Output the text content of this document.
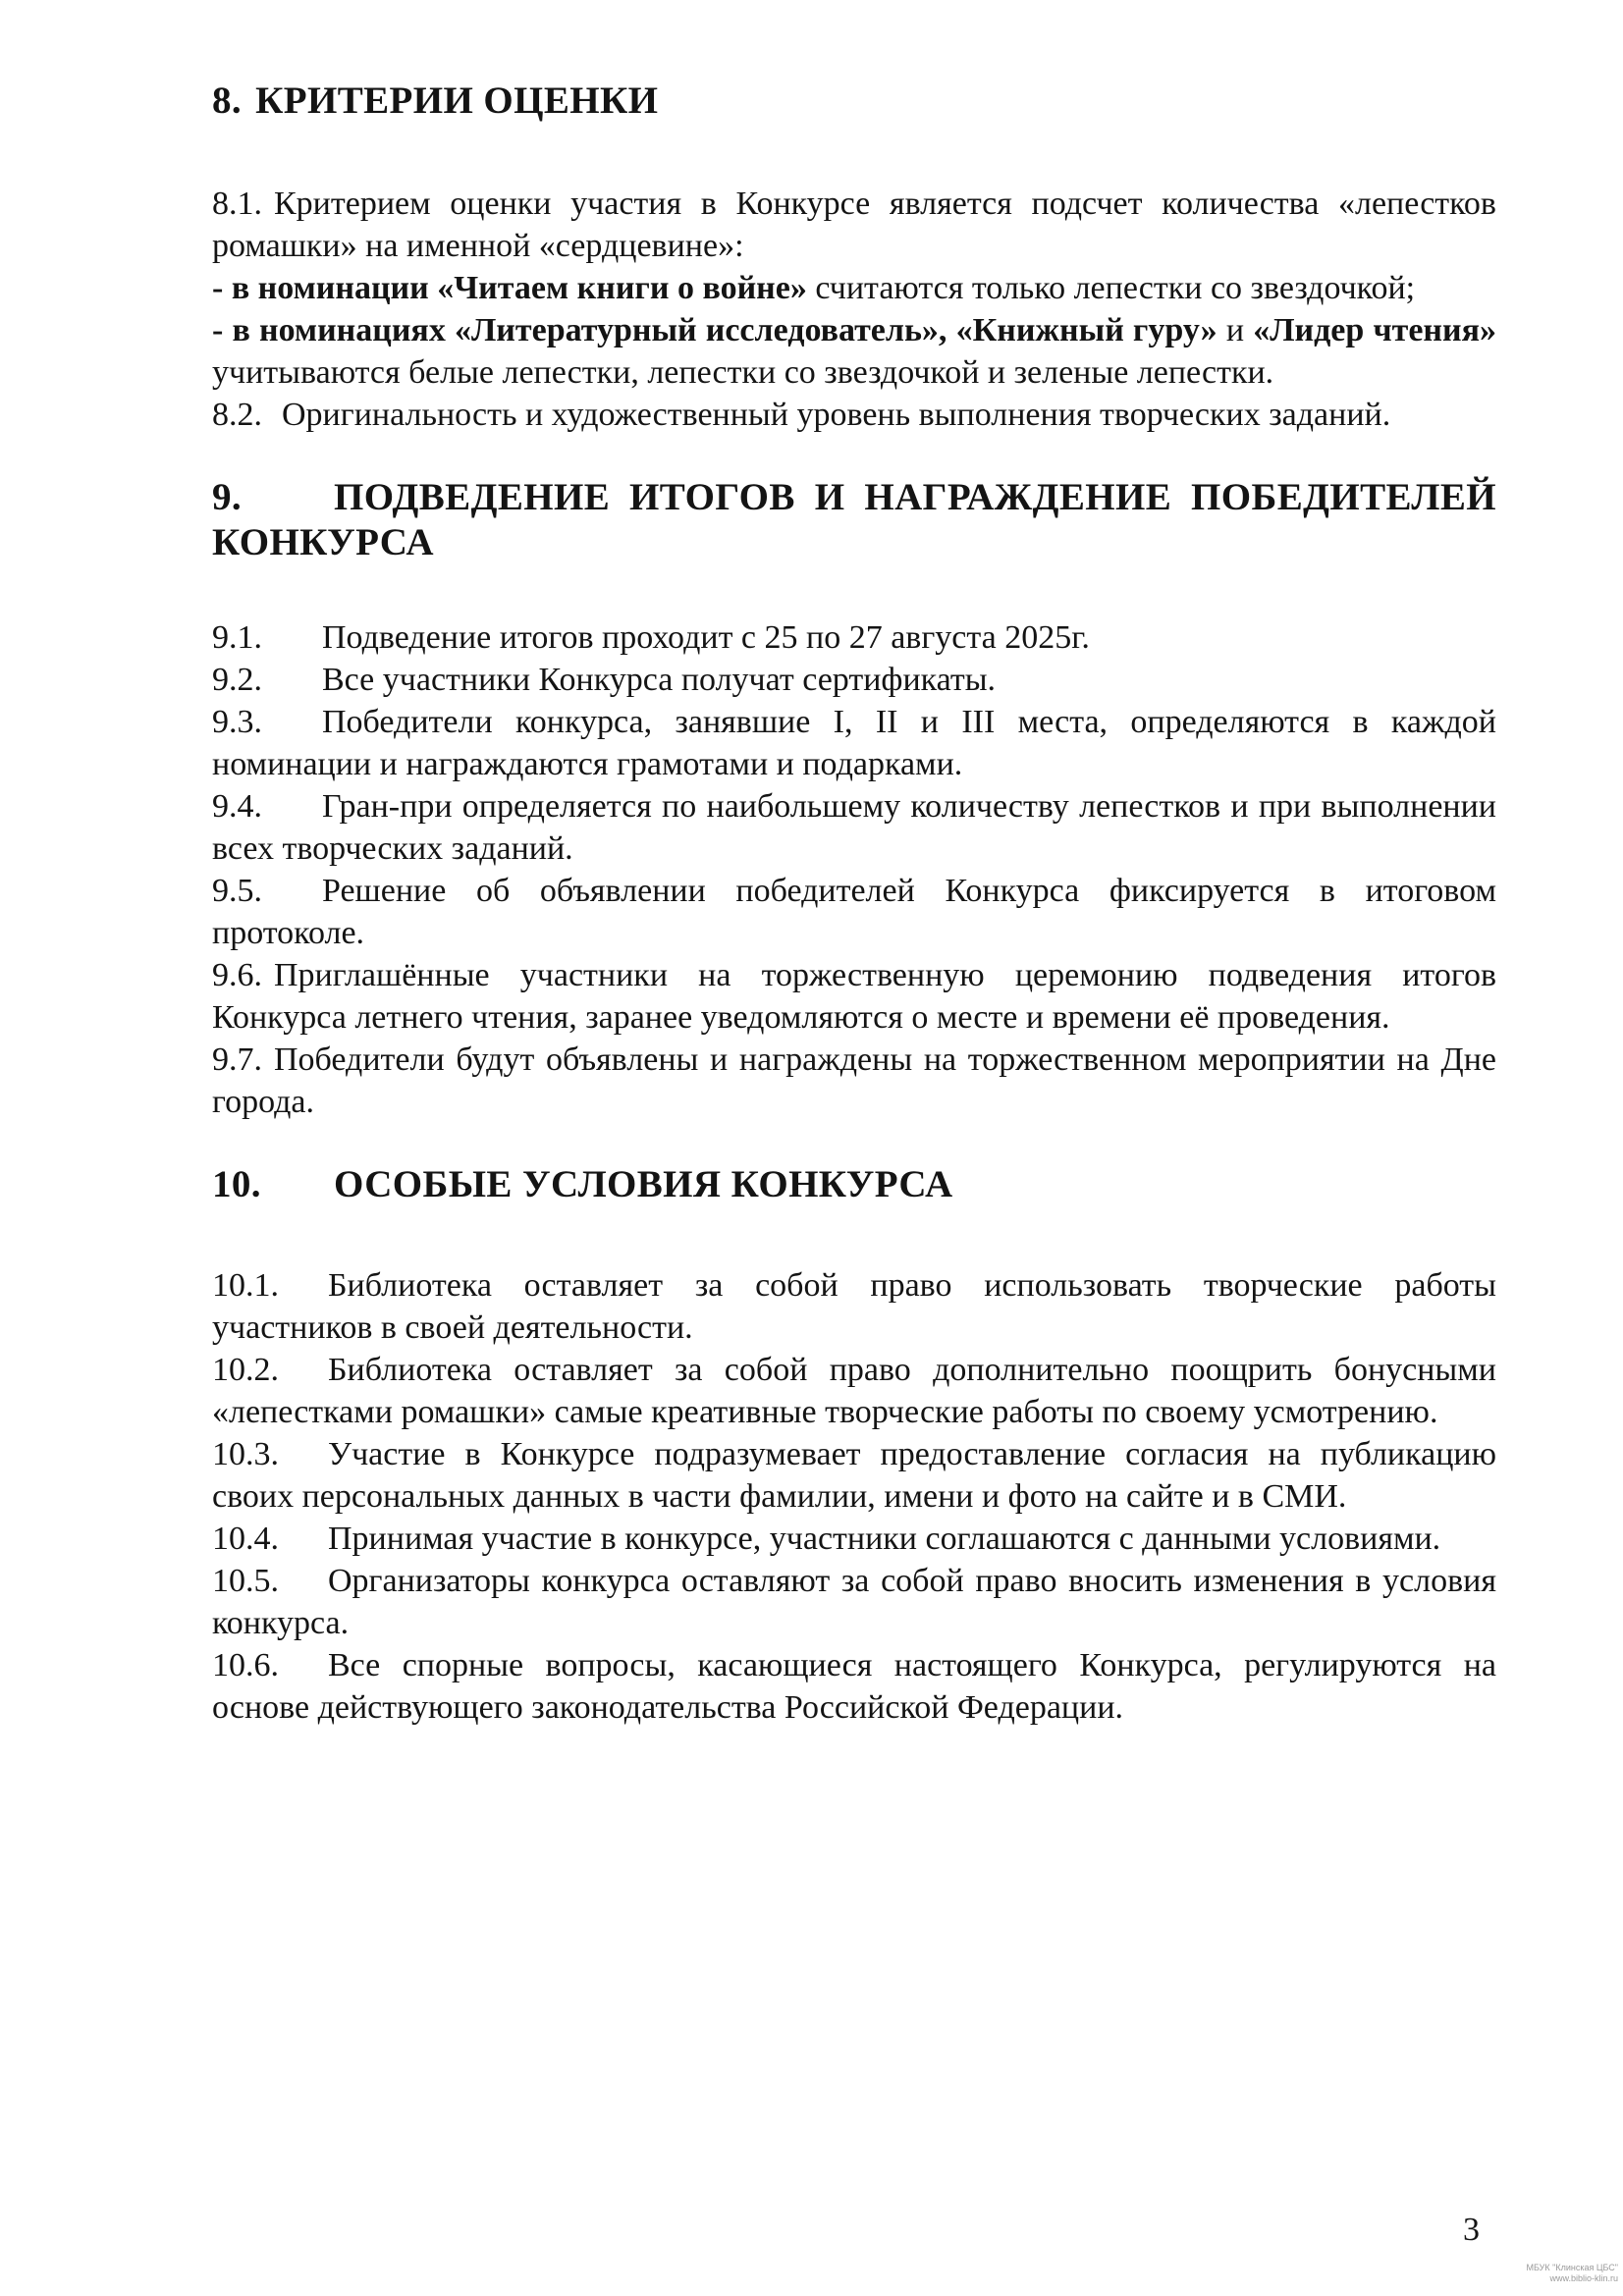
8. КРИТЕРИИ ОЦЕНКИ

8.1. Критерием оценки участия в Конкурсе является подсчет количества «лепестков ромашки» на именной «сердцевине»:

- в номинации «Читаем книги о войне» считаются только лепестки со звездочкой;

- в номинациях «Литературный исследователь», «Книжный гуру» и «Лидер чтения» учитываются белые лепестки, лепестки со звездочкой и зеленые лепестки.

8.2. Оригинальность и художественный уровень выполнения творческих заданий.

9. ПОДВЕДЕНИЕ ИТОГОВ И НАГРАЖДЕНИЕ ПОБЕДИТЕЛЕЙ КОНКУРСА

9.1. Подведение итогов проходит с 25 по 27 августа 2025г.

9.2. Все участники Конкурса получат сертификаты.

9.3. Победители конкурса, занявшие I, II и III места, определяются в каждой номинации и награждаются грамотами и подарками.

9.4. Гран-при определяется по наибольшему количеству лепестков и при выполнении всех творческих заданий.

9.5. Решение об объявлении победителей Конкурса фиксируется в итоговом протоколе.

9.6. Приглашённые участники на торжественную церемонию подведения итогов Конкурса летнего чтения, заранее уведомляются о месте и времени её проведения.

9.7. Победители будут объявлены и награждены на торжественном мероприятии на Дне города.

10. ОСОБЫЕ УСЛОВИЯ КОНКУРСА

10.1. Библиотека оставляет за собой право использовать творческие работы участников в своей деятельности.

10.2. Библиотека оставляет за собой право дополнительно поощрить бонусными «лепестками ромашки» самые креативные творческие работы по своему усмотрению.

10.3. Участие в Конкурсе подразумевает предоставление согласия на публикацию своих персональных данных в части фамилии, имени и фото на сайте и в СМИ.

10.4. Принимая участие в конкурсе, участники соглашаются с данными условиями.

10.5. Организаторы конкурса оставляют за собой право вносить изменения в условия конкурса.

10.6. Все спорные вопросы, касающиеся настоящего Конкурса, регулируются на основе действующего законодательства Российской Федерации.

3
МБУК "Клинская ЦБС"
www.biblio-klin.ru
